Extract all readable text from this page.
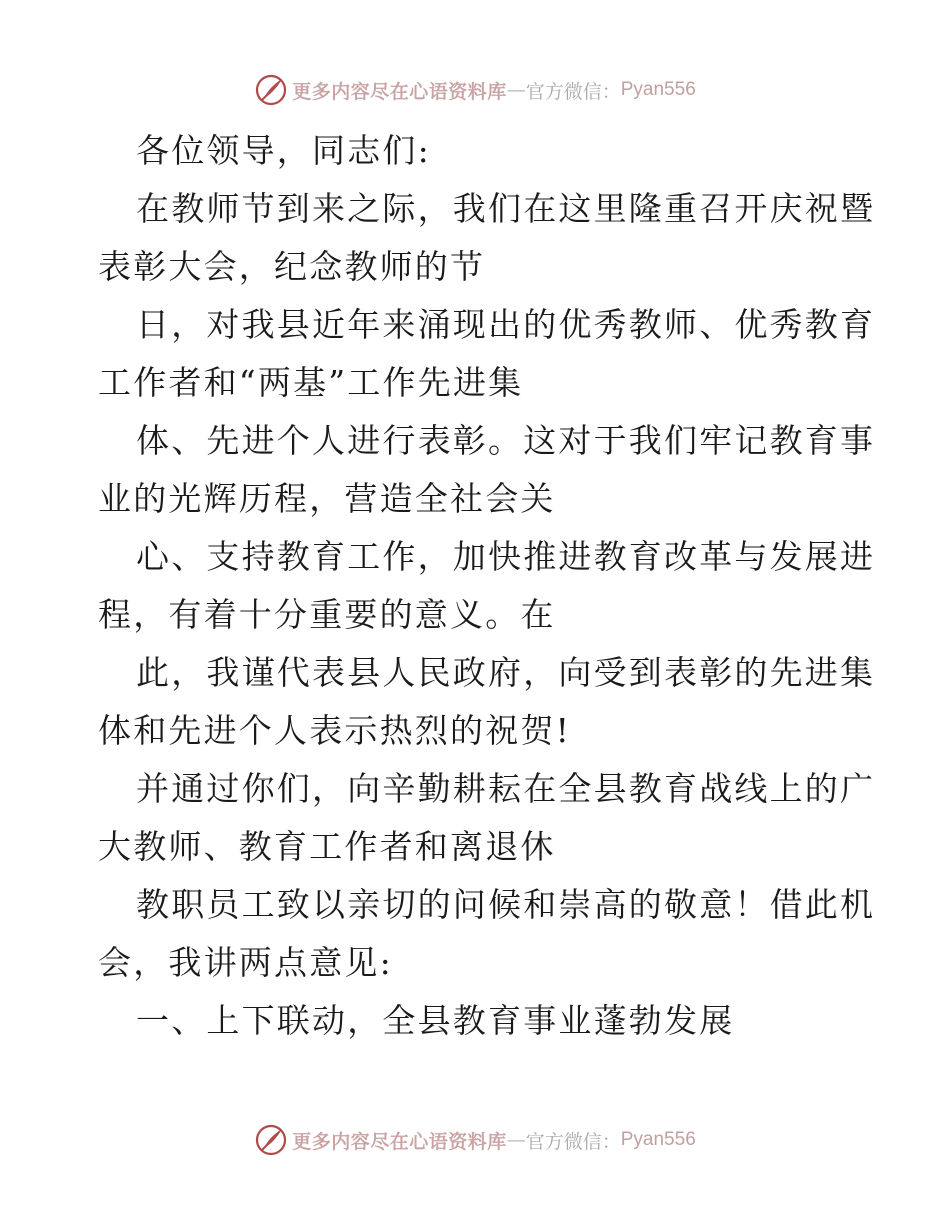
更多内容尽在心语资料库 — 官方微信： Pyan556
各位领导，同志们:
在教师节到来之际，我们在这里隆重召开庆祝暨
表彰大会，纪念教师的节
日，对我县近年来涌现出的优秀教师、优秀教育
工作者和“两基”工作先进集
体、先进个人进行表彰。这对于我们牢记教育事
业的光辉历程，营造全社会关
心、支持教育工作，加快推进教育改革与发展进
程，有着十分重要的意义。在
此，我谨代表县人民政府，向受到表彰的先进集
体和先进个人表示热烈的祝贺!
并通过你们，向辛勤耕耘在全县教育战线上的广
大教师、教育工作者和离退休
教职员工致以亲切的问候和崇高的敬意！借此机
会，我讲两点意见:
一、上下联动，全县教育事业蓬勃发展
更多内容尽在心语资料库 — 官方微信： Pyan556
